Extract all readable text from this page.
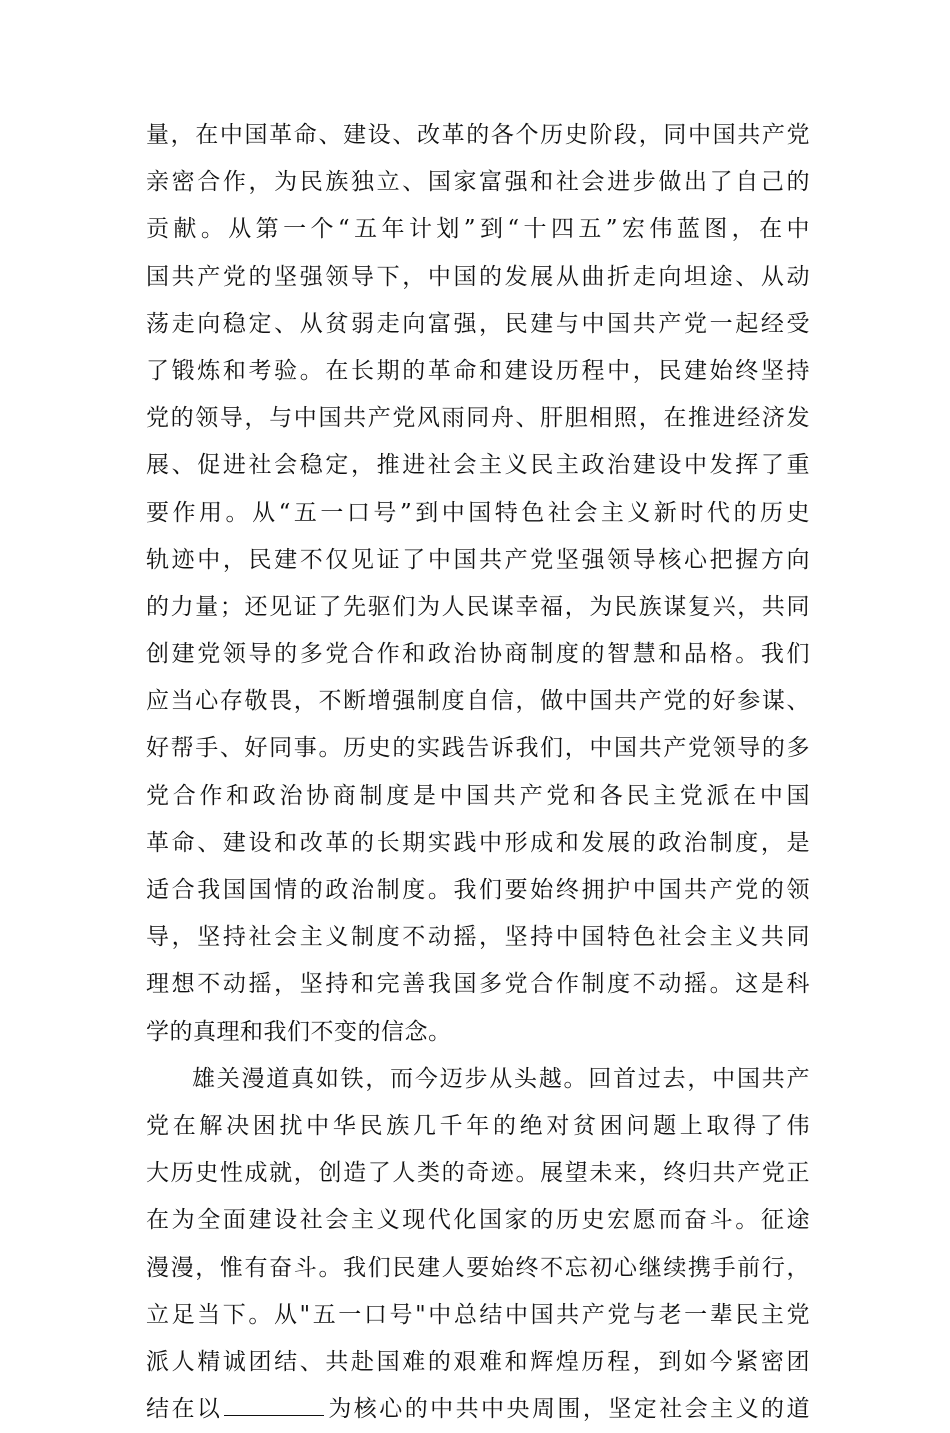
量，在中国革命、建设、改革的各个历史阶段，同中国共产党
亲密合作，为民族独立、国家富强和社会进步做出了自己的
贡献。从第一个“五年计划”到“十四五”宏伟蓝图，在中
国共产党的坚强领导下，中国的发展从曲折走向坦途、从动
荡走向稳定、从贫弱走向富强，民建与中国共产党一起经受
了锻炼和考验。在长期的革命和建设历程中，民建始终坚持
党的领导，与中国共产党风雨同舟、肝胆相照，在推进经济发
展、促进社会稳定，推进社会主义民主政治建设中发挥了重
要作用。从“五一口号”到中国特色社会主义新时代的历史
轨迹中，民建不仅见证了中国共产党坚强领导核心把握方向
的力量；还见证了先驱们为人民谋幸福，为民族谋复兴，共同
创建党领导的多党合作和政治协商制度的智慧和品格。我们
应当心存敬畏，不断增强制度自信，做中国共产党的好参谋、
好帮手、好同事。历史的实践告诉我们，中国共产党领导的多
党合作和政治协商制度是中国共产党和各民主党派在中国
革命、建设和改革的长期实践中形成和发展的政治制度，是
适合我国国情的政治制度。我们要始终拥护中国共产党的领
导，坚持社会主义制度不动摇，坚持中国特色社会主义共同
理想不动摇，坚持和完善我国多党合作制度不动摇。这是科
学的真理和我们不变的信念。
雄关漫道真如铁，而今迈步从头越。回首过去，中国共产
党在解决困扰中华民族几千年的绝对贫困问题上取得了伟
大历史性成就，创造了人类的奇迹。展望未来，终归共产党正
在为全面建设社会主义现代化国家的历史宏愿而奋斗。征途
漫漫，惟有奋斗。我们民建人要始终不忘初心继续携手前行，
立足当下。从"五一口号"中总结中国共产党与老一辈民主党
派人精诚团结、共赴国难的艰难和辉煌历程，到如今紧密团
结在以	为核心的中共中央周围，坚定社会主义的道
